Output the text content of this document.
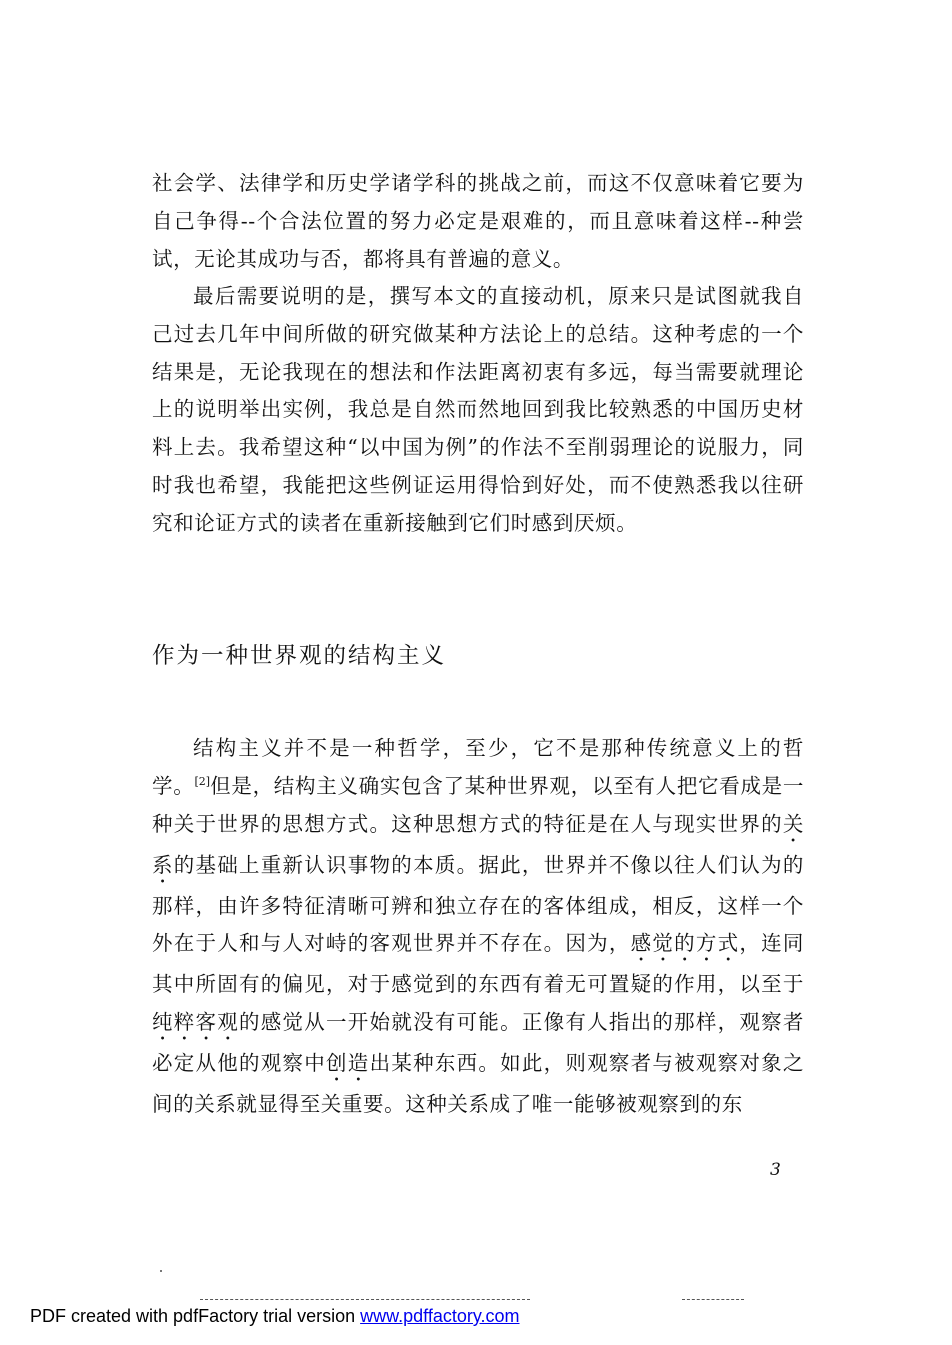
社会学、法律学和历史学诸学科的挑战之前，而这不仅意味着它要为自己争得--个合法位置的努力必定是艰难的，而且意味着这样--种尝试，无论其成功与否，都将具有普遍的意义。

最后需要说明的是，撰写本文的直接动机，原来只是试图就我自己过去几年中间所做的研究做某种方法论上的总结。这种考虑的一个结果是，无论我现在的想法和作法距离初衷有多远，每当需要就理论上的说明举出实例，我总是自然而然地回到我比较熟悉的中国历史材料上去。我希望这种“以中国为例”的作法不至削弱理论的说服力，同时我也希望，我能把这些例证运用得恰到好处，而不使熟悉我以往研究和论证方式的读者在重新接触到它们时感到厌烦。

作为一种世界观的结构主义

结构主义并不是一种哲学，至少，它不是那种传统意义上的哲学。[2]但是，结构主义确实包含了某种世界观，以至有人把它看成是一种关于世界的思想方式。这种思想方式的特征是在人与现实世界的关系的基础上重新认识事物的本质。据此，世界并不像以往人们认为的那样，由许多特征清晰可辨和独立存在的客体组成，相反，这样一个外在于人和与人对峙的客观世界并不存在。因为，感觉的方式，连同其中所固有的偏见，对于感觉到的东西有着无可置疑的作用，以至于纯粹客观的感觉从一开始就没有可能。正像有人指出的那样，观察者必定从他的观察中创造出某种东西。如此，则观察者与被观察对象之间的关系就显得至关重要。这种关系成了唯一能够被观察到的东

3
PDF created with pdfFactory trial version www.pdffactory.com
